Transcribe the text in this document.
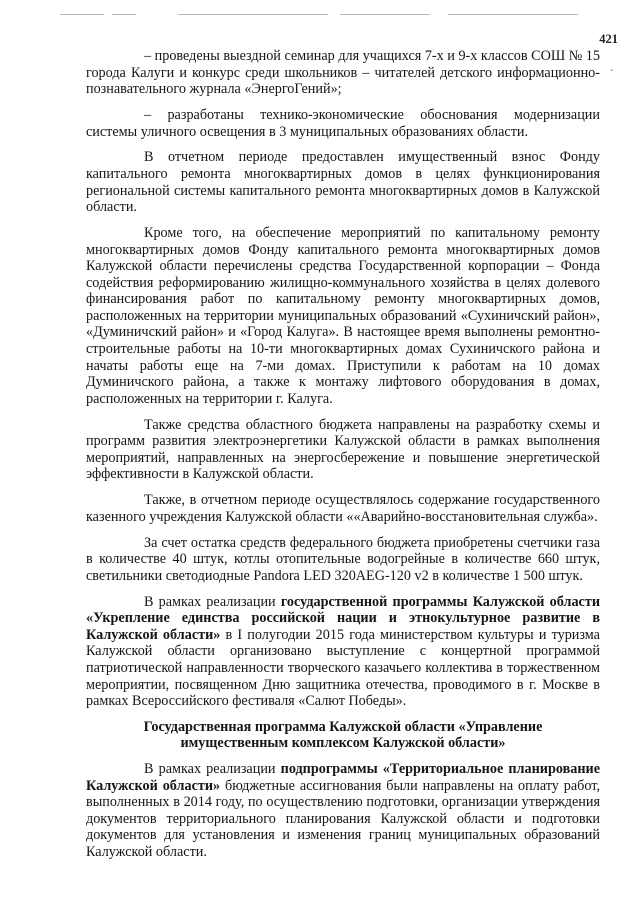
421
·

– проведены выездной семинар для учащихся 7-х и 9-х классов СОШ № 15 города Калуги и конкурс среди школьников – читателей детского информационно-познавательного журнала «ЭнергоГений»;

– разработаны технико-экономические обоснования модернизации системы уличного освещения в 3 муниципальных образованиях области.

В отчетном периоде предоставлен имущественный взнос Фонду капитального ремонта многоквартирных домов в целях функционирования региональной системы капитального ремонта многоквартирных домов в Калужской области.

Кроме того, на обеспечение мероприятий по капитальному ремонту многоквартирных домов Фонду капитального ремонта многоквартирных домов Калужской области перечислены средства Государственной корпорации – Фонда содействия реформированию жилищно-коммунального хозяйства в целях долевого финансирования работ по капитальному ремонту многоквартирных домов, расположенных на территории муниципальных образований «Сухиничский район», «Думиничский район» и «Город Калуга». В настоящее время выполнены ремонтно-строительные работы на 10-ти многоквартирных домах Сухиничского района и начаты работы еще на 7-ми домах. Приступили к работам на 10 домах Думиничского района, а также к монтажу лифтового оборудования в домах, расположенных на территории г. Калуга.

Также средства областного бюджета направлены на разработку схемы и программ развития электроэнергетики Калужской области в рамках выполнения мероприятий, направленных на энергосбережение и повышение энергетической эффективности в Калужской области.

Также, в отчетном периоде осуществлялось содержание государственного казенного учреждения Калужской области ««Аварийно-восстановительная служба».

За счет остатка средств федерального бюджета приобретены счетчики газа в количестве 40 штук, котлы отопительные водогрейные в количестве 660 штук, светильники светодиодные Pandora LED 320AEG-120 v2 в количестве 1 500 штук.

В рамках реализации государственной программы Калужской области «Укрепление единства российской нации и этнокультурное развитие в Калужской области» в I полугодии 2015 года министерством культуры и туризма Калужской области организовано выступление с концертной программой патриотической направленности творческого казачьего коллектива в торжественном мероприятии, посвященном Дню защитника отечества, проводимого в г. Москве в рамках Всероссийского фестиваля «Салют Победы».

Государственная программа Калужской области «Управление имущественным комплексом Калужской области»

В рамках реализации подпрограммы «Территориальное планирование Калужской области» бюджетные ассигнования были направлены на оплату работ, выполненных в 2014 году, по осуществлению подготовки, организации утверждения документов территориального планирования Калужской области и подготовки документов для установления и изменения границ муниципальных образований Калужской области.
